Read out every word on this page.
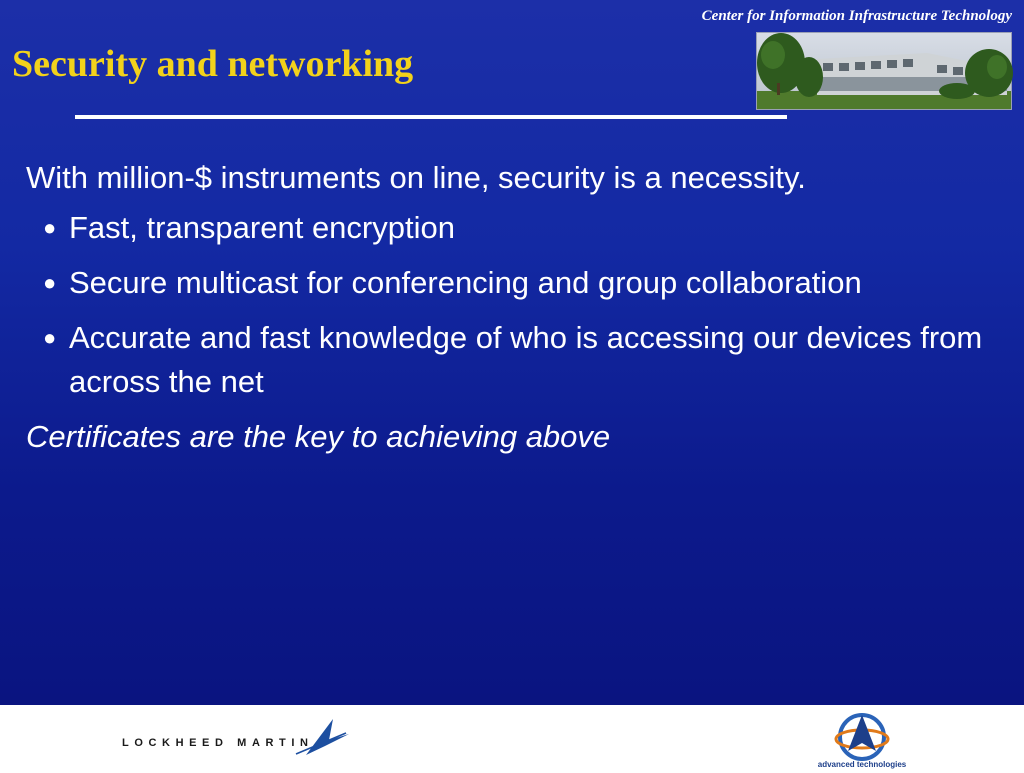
Center for Information Infrastructure Technology
Security and networking

With million-$ instruments on line, security is a necessity.

● Fast, transparent encryption
● Secure multicast for conferencing and group collaboration
● Accurate and fast knowledge of who is accessing our devices from across the net

Certificates are the key to achieving above

LOCKHEED MARTIN
advanced technologies
